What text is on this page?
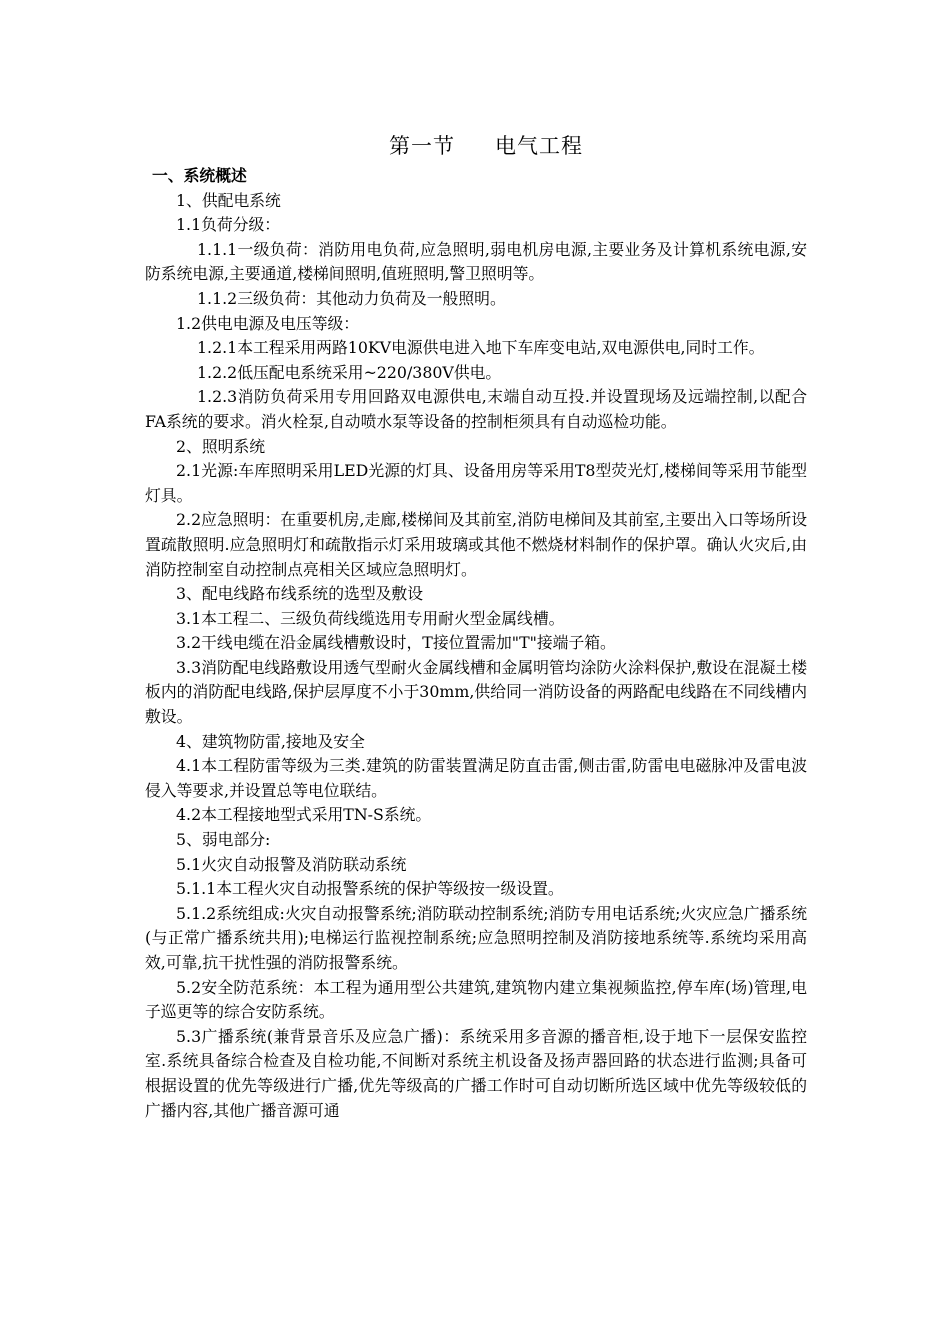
第一节 电气工程

一、系统概述

1、供配电系统

1.1负荷分级：

1.1.1一级负荷：消防用电负荷,应急照明,弱电机房电源,主要业务及计算机系统电源,安防系统电源,主要通道,楼梯间照明,值班照明,警卫照明等。

1.1.2三级负荷：其他动力负荷及一般照明。

1.2供电电源及电压等级：

1.2.1本工程采用两路10KV电源供电进入地下车库变电站,双电源供电,同时工作。

1.2.2低压配电系统采用~220/380V供电。

1.2.3消防负荷采用专用回路双电源供电,末端自动互投.并设置现场及远端控制,以配合FA系统的要求。消火栓泵,自动喷水泵等设备的控制柜须具有自动巡检功能。

2、照明系统

2.1光源:车库照明采用LED光源的灯具、设备用房等采用T8型荧光灯,楼梯间等采用节能型灯具。

2.2应急照明：在重要机房,走廊,楼梯间及其前室,消防电梯间及其前室,主要出入口等场所设置疏散照明.应急照明灯和疏散指示灯采用玻璃或其他不燃烧材料制作的保护罩。确认火灾后,由消防控制室自动控制点亮相关区域应急照明灯。

3、配电线路布线系统的选型及敷设

3.1本工程二、三级负荷线缆选用专用耐火型金属线槽。

3.2干线电缆在沿金属线槽敷设时，T接位置需加"T"接端子箱。

3.3消防配电线路敷设用透气型耐火金属线槽和金属明管均涂防火涂料保护,敷设在混凝土楼板内的消防配电线路,保护层厚度不小于30mm,供给同一消防设备的两路配电线路在不同线槽内敷设。

4、建筑物防雷,接地及安全

4.1本工程防雷等级为三类.建筑的防雷装置满足防直击雷,侧击雷,防雷电电磁脉冲及雷电波侵入等要求,并设置总等电位联结。

4.2本工程接地型式采用TN-S系统。

5、弱电部分:

5.1火灾自动报警及消防联动系统

5.1.1本工程火灾自动报警系统的保护等级按一级设置。

5.1.2系统组成:火灾自动报警系统;消防联动控制系统;消防专用电话系统;火灾应急广播系统(与正常广播系统共用);电梯运行监视控制系统;应急照明控制及消防接地系统等.系统均采用高效,可靠,抗干扰性强的消防报警系统。

5.2安全防范系统：本工程为通用型公共建筑,建筑物内建立集视频监控,停车库(场)管理,电子巡更等的综合安防系统。

5.3广播系统(兼背景音乐及应急广播)：系统采用多音源的播音柜,设于地下一层保安监控室.系统具备综合检查及自检功能,不间断对系统主机设备及扬声器回路的状态进行监测;具备可根据设置的优先等级进行广播,优先等级高的广播工作时可自动切断所选区域中优先等级较低的广播内容,其他广播音源可通
